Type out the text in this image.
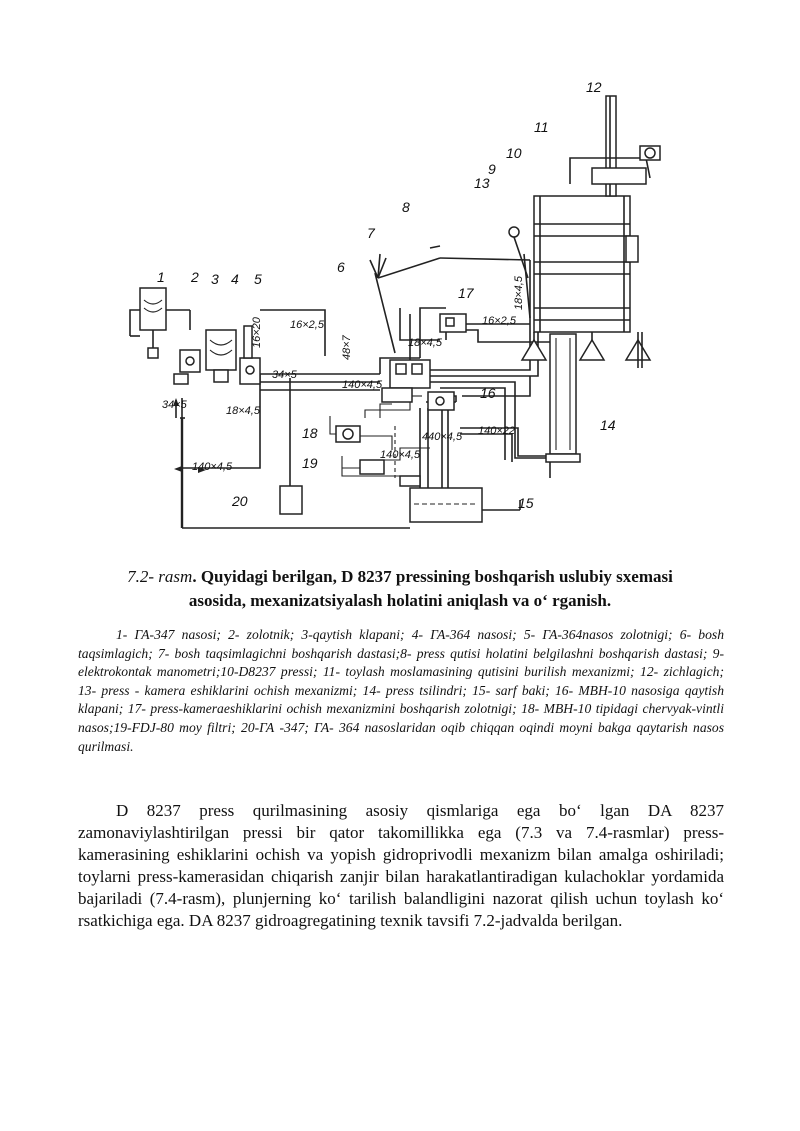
1 2 3 4 5
6
7
8
9
10
11
12
13
14
15
16
17
18
19
20
16×2,5	16×2,5
34×5
34×5	18×4,5
18×4,5
16×20	48×7
140×4,5
140×4,5
140×4,5
440×4,5 140×22
18×4,5
7.2- rasm. Quyidagi berilgan, D 8237 pressining boshqarish uslubiy sxemasi
asosida, mexanizatsiyalash holatini aniqlash va o‘ rganish.
1- ГА-347 nasosi; 2- zolotnik; 3-qaytish klapani; 4- ГА-364 nasosi; 5- ГА-364nasos zolotnigi; 6- bosh taqsimlagich; 7- bosh taqsimlagichni boshqarish dastasi;8- press qutisi holatini belgilashni boshqarish dastasi; 9- elektrokontak manometri;10-D8237 pressi; 11- toylash moslamasining qutisini burilish mexanizmi; 12- zichlagich; 13- press - kamera eshiklarini ochish mexanizmi; 14- press tsilindri; 15- sarf baki; 16- МВН-10 nasosiga qaytish klapani; 17- press-kameraeshiklarini ochish mexanizmini boshqarish zolotnigi; 18- МВН-10 tipidagi chervyak-vintli nasos;19-FDJ-80 moy filtri; 20-ГА -347; ГА- 364 nasoslaridan oqib chiqqan oqindi moyni bakga qaytarish nasos qurilmasi.
D 8237 press qurilmasining asosiy qismlariga ega bo‘ lgan DA 8237 zamonaviylashtirilgan pressi bir qator takomillikka ega (7.3 va 7.4-rasmlar) press-kamerasining eshiklarini ochish va yopish gidroprivodli mexanizm bilan amalga oshiriladi; toylarni press-kamerasidan chiqarish zanjir bilan harakatlantiradigan kulachoklar yordamida bajariladi (7.4-rasm), plunjerning ko‘ tarilish balandligini nazorat qilish uchun toylash ko‘ rsatkichiga ega. DA 8237 gidroagregatining texnik tavsifi 7.2-jadvalda berilgan.
